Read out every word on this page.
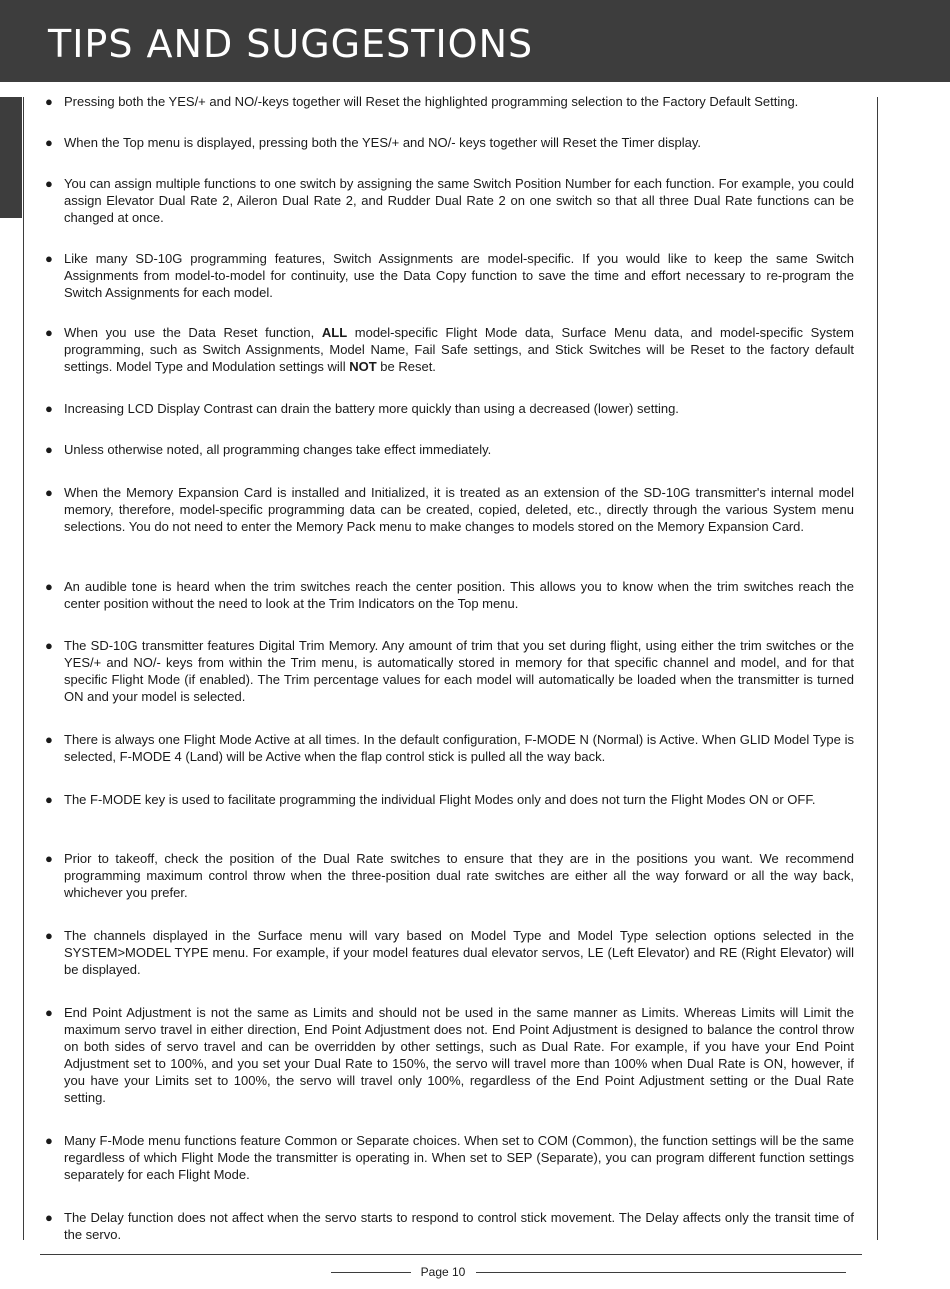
TIPS AND SUGGESTIONS
● Pressing both the YES/+ and NO/-keys together will Reset the highlighted programming selection to the Factory Default Setting.
● When the Top menu is displayed, pressing both the YES/+ and NO/- keys together will Reset the Timer display.
● You can assign multiple functions to one switch by assigning the same Switch Position Number for each function. For example, you could assign Elevator Dual Rate 2, Aileron Dual Rate 2, and Rudder Dual Rate 2 on one switch so that all three Dual Rate functions can be changed at once.
● Like many SD-10G programming features, Switch Assignments are model-specific. If you would like to keep the same Switch Assignments from model-to-model for continuity, use the Data Copy function to save the time and effort necessary to re-program the Switch Assignments for each model.
● When you use the Data Reset function, ALL model-specific Flight Mode data, Surface Menu data, and model-specific System programming, such as Switch Assignments, Model Name, Fail Safe settings, and Stick Switches will be Reset to the factory default settings. Model Type and Modulation settings will NOT be Reset.
● Increasing LCD Display Contrast can drain the battery more quickly than using a decreased (lower) setting.
● Unless otherwise noted, all programming changes take effect immediately.
● When the Memory Expansion Card is installed and Initialized, it is treated as an extension of the SD-10G transmitter's internal model memory, therefore, model-specific programming data can be created, copied, deleted, etc., directly through the various System menu selections. You do not need to enter the Memory Pack menu to make changes to models stored on the Memory Expansion Card.
● An audible tone is heard when the trim switches reach the center position. This allows you to know when the trim switches reach the center position without the need to look at the Trim Indicators on the Top menu.
● The SD-10G transmitter features Digital Trim Memory. Any amount of trim that you set during flight, using either the trim switches or the YES/+ and NO/- keys from within the Trim menu, is automatically stored in memory for that specific channel and model, and for that specific Flight Mode (if enabled). The Trim percentage values for each model will automatically be loaded when the transmitter is turned ON and your model is selected.
● There is always one Flight Mode Active at all times. In the default configuration, F-MODE N (Normal) is Active. When GLID Model Type is selected, F-MODE 4 (Land) will be Active when the flap control stick is pulled all the way back.
● The F-MODE key is used to facilitate programming the individual Flight Modes only and does not turn the Flight Modes ON or OFF.
● Prior to takeoff, check the position of the Dual Rate switches to ensure that they are in the positions you want. We recommend programming maximum control throw when the three-position dual rate switches are either all the way forward or all the way back, whichever you prefer.
● The channels displayed in the Surface menu will vary based on Model Type and Model Type selection options selected in the SYSTEM>MODEL TYPE menu. For example, if your model features dual elevator servos, LE (Left Elevator) and RE (Right Elevator) will be displayed.
● End Point Adjustment is not the same as Limits and should not be used in the same manner as Limits. Whereas Limits will Limit the maximum servo travel in either direction, End Point Adjustment does not. End Point Adjustment is designed to balance the control throw on both sides of servo travel and can be overridden by other settings, such as Dual Rate. For example, if you have your End Point Adjustment set to 100%, and you set your Dual Rate to 150%, the servo will travel more than 100% when Dual Rate is ON, however, if you have your Limits set to 100%, the servo will travel only 100%, regardless of the End Point Adjustment setting or the Dual Rate setting.
● Many F-Mode menu functions feature Common or Separate choices. When set to COM (Common), the function settings will be the same regardless of which Flight Mode the transmitter is operating in. When set to SEP (Separate), you can program different function settings separately for each Flight Mode.
● The Delay function does not affect when the servo starts to respond to control stick movement. The Delay affects only the transit time of the servo.
Page 10
